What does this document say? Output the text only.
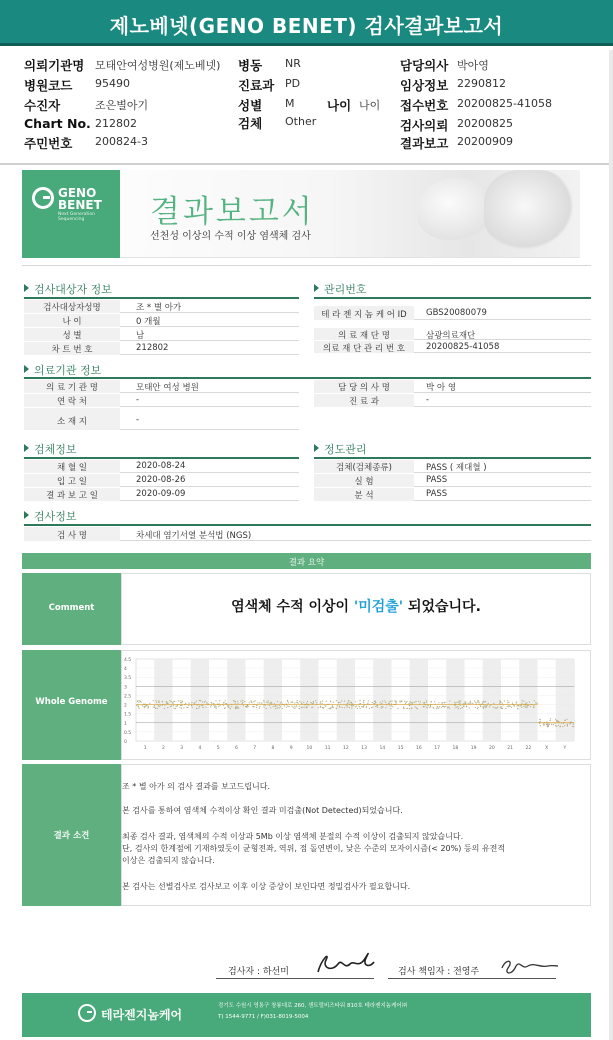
제노베넷(GENO BENET) 검사결과보고서
의뢰기관명 모태안여성병원(제노베넷)
병원코드 95490
수진자	조은별아기
Chart No. 212802
주민번호 200824-3
병동 NR
진료과 PD
성별 M	나이 나이
검체 Other
담당의사 박아영
임상정보 2290812
접수번호 20200825-41058
검사의뢰 20200825
결과보고 20200909
GENO
BENET
Next Generation Sequencing	결과보고서
선천성 이상의 수적 이상 염색체 검사
검사대상자 정보
검사대상자성명	조 * 별 아가
나 이	0 개월
성 별	남
차 트 번 호	212802
관리번호
테 라 젠 지 놈 케 어 ID	GBS20080079
의 료 재 단 명	삼광의료재단
의료 재 단 관 리 번 호	20200825-41058
의료기관 정보
의 료 기 관 명	모태안 여성 병원
연 락 처	-
소 재 지	-
담 당 의 사 명	박 아 영
진 료 과	-
검체정보
채 혈 일	2020-08-24
입 고 일	2020-08-26
결 과 보 고 일	2020-09-09
정도관리
검체(검체종류)	PASS ( 제대혈 )
실 험	PASS
분 석	PASS
검사정보
검 사 명	차세대 염기서열 분석법 (NGS)
결과 요약
Comment	염색체 수적 이상이 '미검출' 되었습니다.
Whole Genome
4.5
4
3.5
3
2.5
2
1.5
1
0.5
0
1	2	3	4	5	6	7	8	9	10	11	12	13	14	15	16	17	18	19	20	21	22	X	Y
결과 소견
조 * 별 아가 의 검사 결과를 보고드립니다.
본 검사를 통하여 염색체 수적이상 확인 결과 미검출(Not Detected)되었습니다.
최종 검사 결과, 염색체의 수적 이상과 5Mb 이상 염색체 분절의 수적 이상이 검출되지 않았습니다.
단, 검사의 한계점에 기재하였듯이 균형전좌, 역위, 점 돌연변이, 낮은 수준의 모자이시즘(< 20%) 등의 유전적
이상은 검출되지 않습니다.
본 검사는 선별검사로 검사보고 이후 이상 증상이 보인다면 정밀검사가 필요합니다.
검사자 : 하선미	검사 책임자 : 전영주
테라젠지놈케어
경기도 수원시 영통구 창룡대로 260, 센트럴비즈타워 810호 테라젠지놈케어㈜
T) 1544-9771 / F)031-8019-5004
